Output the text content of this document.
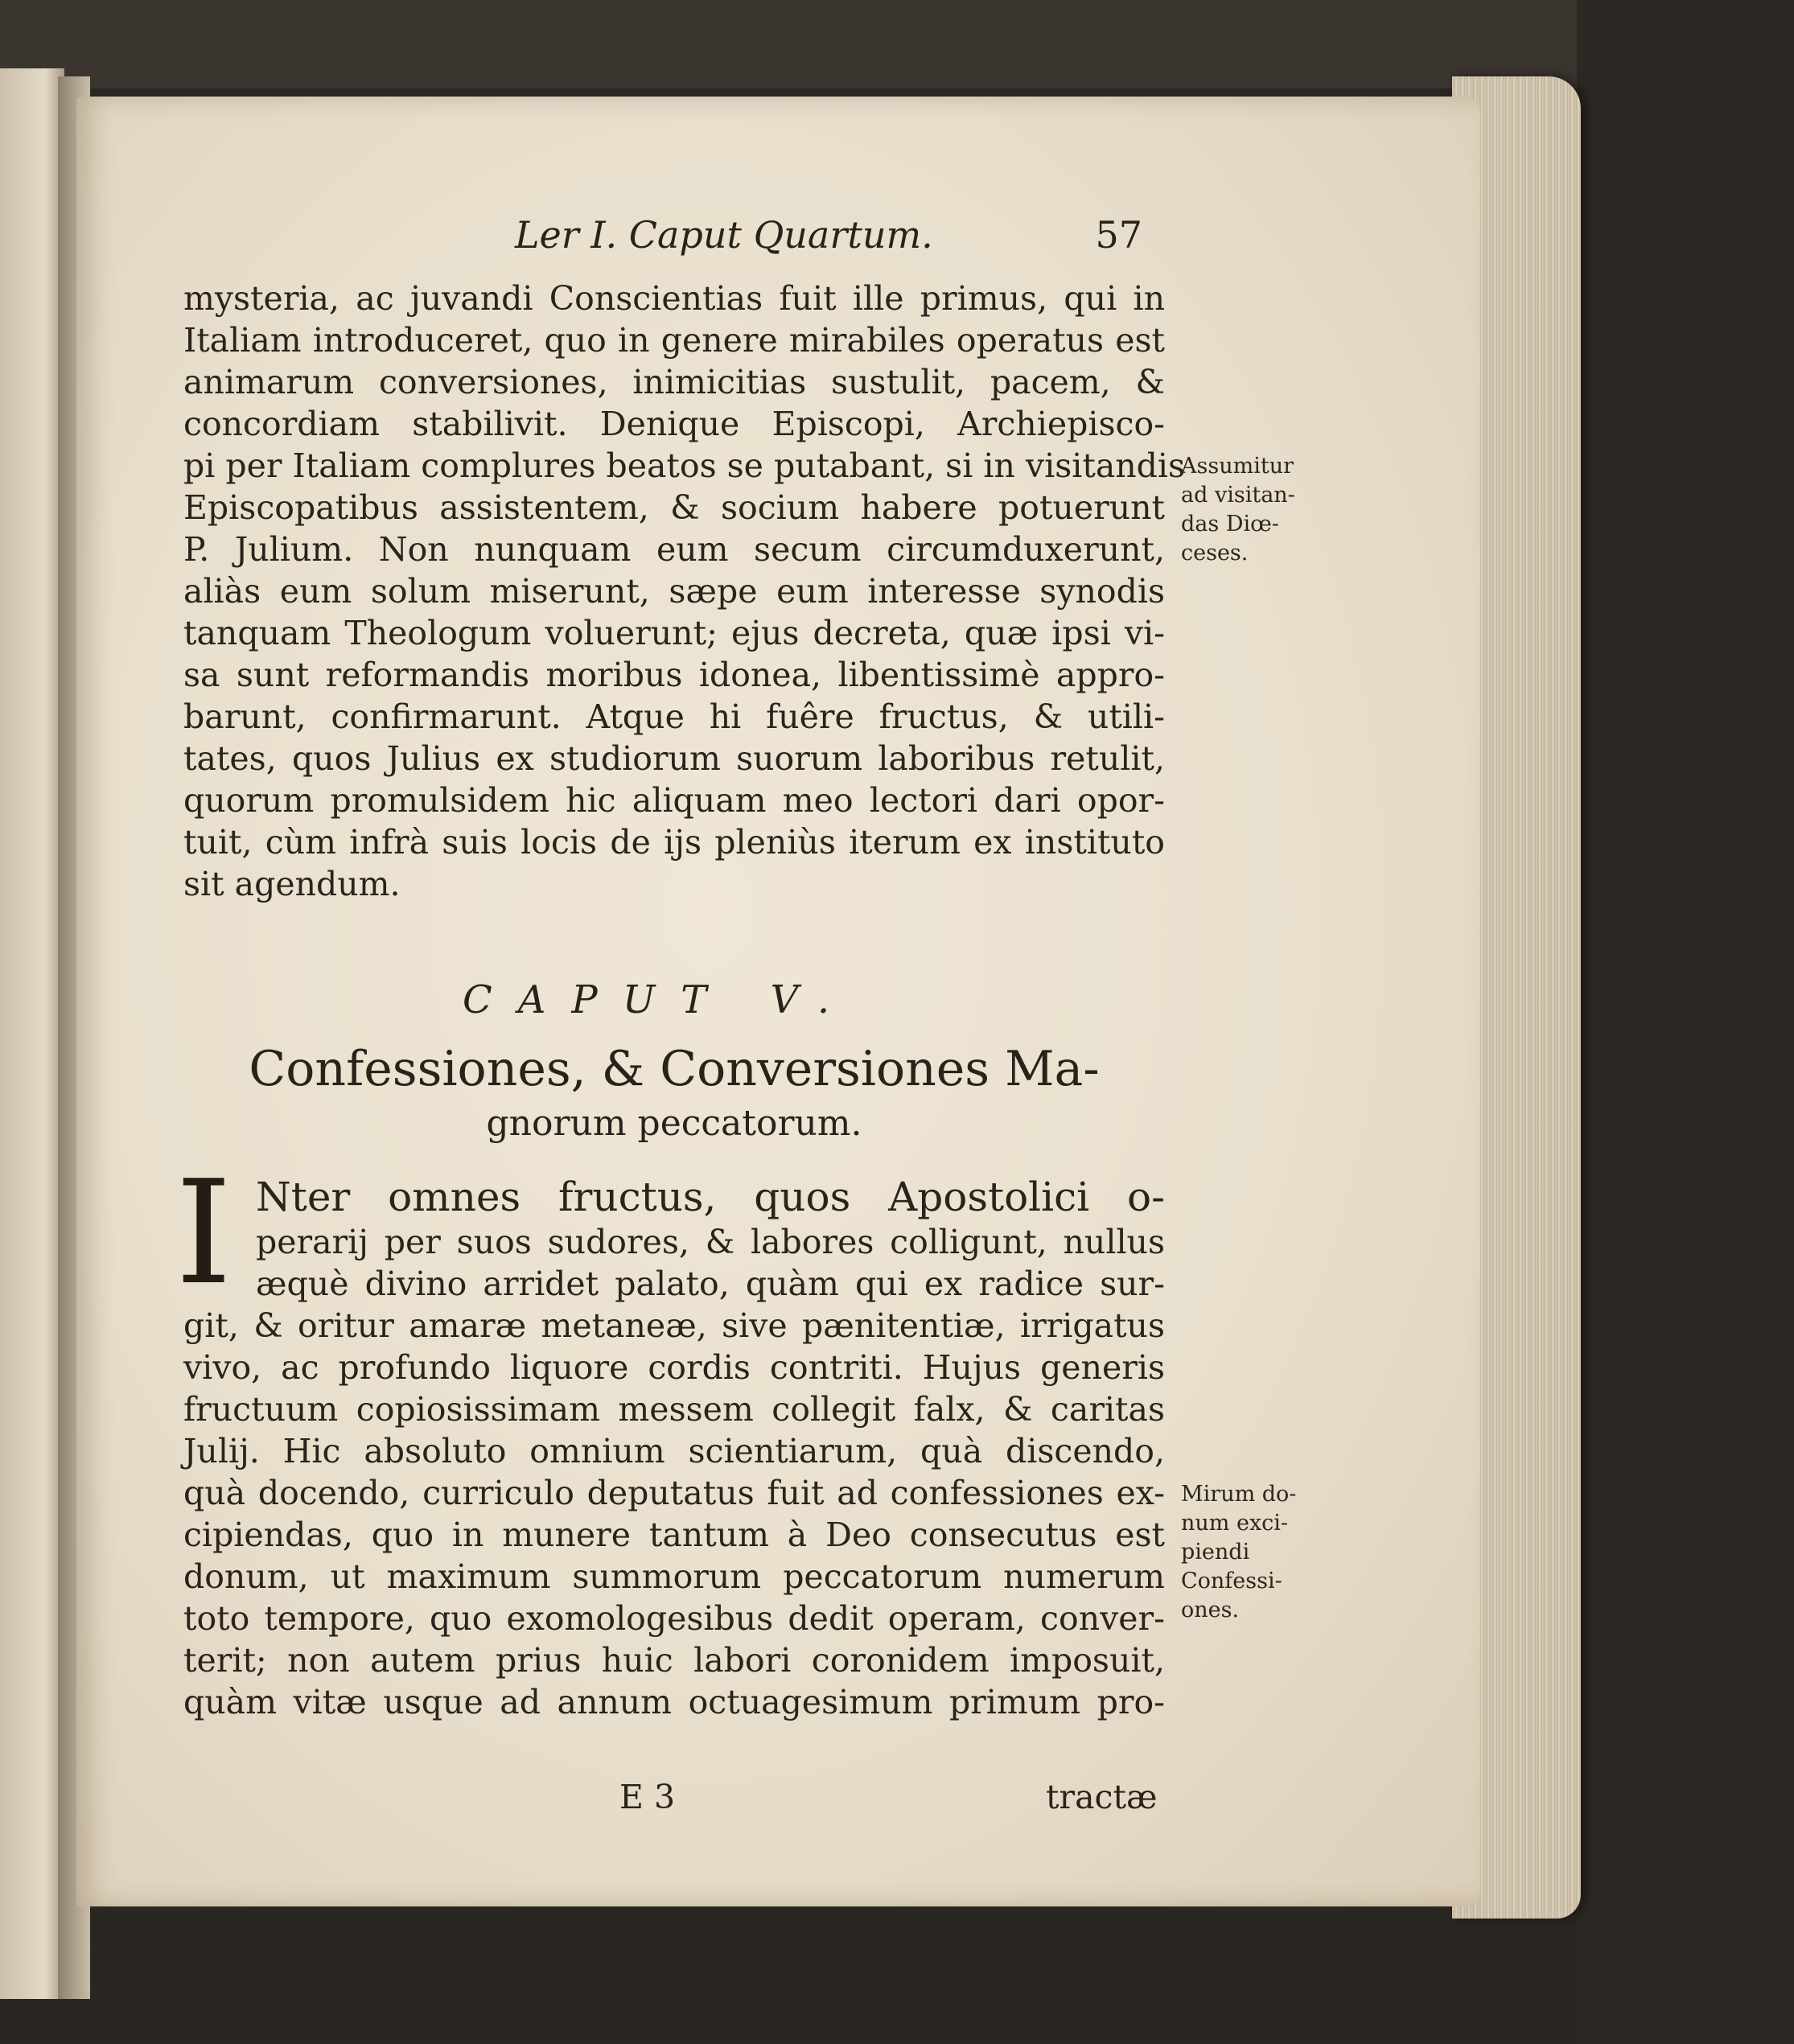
Ler I. Caput Quartum.	57
mysteria, ac juvandi Conscientias fuit ille primus, qui in
Italiam introduceret, quo in genere mirabiles operatus est
animarum conversiones, inimicitias sustulit, pacem, &
concordiam stabilivit. Denique Episcopi, Archiepisco-
pi per Italiam complures beatos se putabant, si in visitandis
Episcopatibus assistentem, & socium habere potuerunt
P. Julium. Non nunquam eum secum circumduxerunt,
aliàs eum solum miserunt, sæpe eum interesse synodis
tanquam Theologum voluerunt; ejus decreta, quæ ipsi vi-
sa sunt reformandis moribus idonea, libentissimè appro-
barunt, confirmarunt. Atque hi fuêre fructus, & utili-
tates, quos Julius ex studiorum suorum laboribus retulit,
quorum promulsidem hic aliquam meo lectori dari opor-
tuit, cùm infrà suis locis de ijs pleniùs iterum ex instituto
sit agendum.
CAPUT V.
Confessiones, & Conversiones Ma-
gnorum peccatorum.
I Nter omnes fructus, quos Apostolici o-
perarij per suos sudores, & labores colligunt, nullus
æquè divino arridet palato, quàm qui ex radice sur-
git, & oritur amaræ metaneæ, sive pænitentiæ, irrigatus
vivo, ac profundo liquore cordis contriti. Hujus generis
fructuum copiosissimam messem collegit falx, & caritas
Julij. Hic absoluto omnium scientiarum, quà discendo,
quà docendo, curriculo deputatus fuit ad confessiones ex-
cipiendas, quo in munere tantum à Deo consecutus est
donum, ut maximum summorum peccatorum numerum
toto tempore, quo exomologesibus dedit operam, conver-
terit; non autem prius huic labori coronidem imposuit,
quàm vitæ usque ad annum octuagesimum primum pro-
E 3	tractæ
Assumitur
ad visitan-
das Diœ-
ceses.
Mirum do-
num exci-
piendi
Confessi-
ones.
